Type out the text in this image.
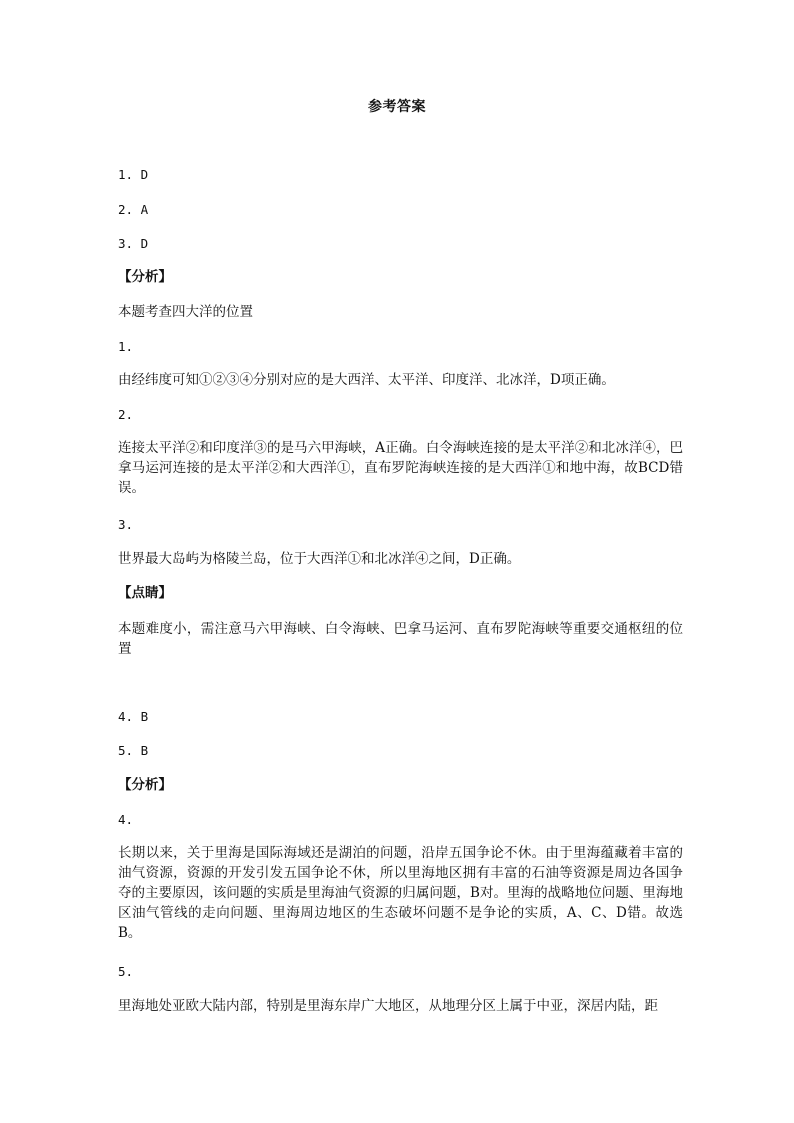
参考答案
1. D
2. A
3. D
【分析】
本题考查四大洋的位置
1.
由经纬度可知①②③④分别对应的是大西洋、太平洋、印度洋、北冰洋，D项正确。
2.
连接太平洋②和印度洋③的是马六甲海峡，A正确。白令海峡连接的是太平洋②和北冰洋④，巴拿马运河连接的是太平洋②和大西洋①，直布罗陀海峡连接的是大西洋①和地中海，故BCD错误。
3.
世界最大岛屿为格陵兰岛，位于大西洋①和北冰洋④之间，D正确。
【点睛】
本题难度小，需注意马六甲海峡、白令海峡、巴拿马运河、直布罗陀海峡等重要交通枢纽的位置
4. B
5. B
【分析】
4.
长期以来，关于里海是国际海域还是湖泊的问题，沿岸五国争论不休。由于里海蕴藏着丰富的油气资源，资源的开发引发五国争论不休，所以里海地区拥有丰富的石油等资源是周边各国争夺的主要原因，该问题的实质是里海油气资源的归属问题，B对。里海的战略地位问题、里海地区油气管线的走向问题、里海周边地区的生态破坏问题不是争论的实质，A、C、D错。故选B。
5.
里海地处亚欧大陆内部，特别是里海东岸广大地区，从地理分区上属于中亚，深居内陆，距
